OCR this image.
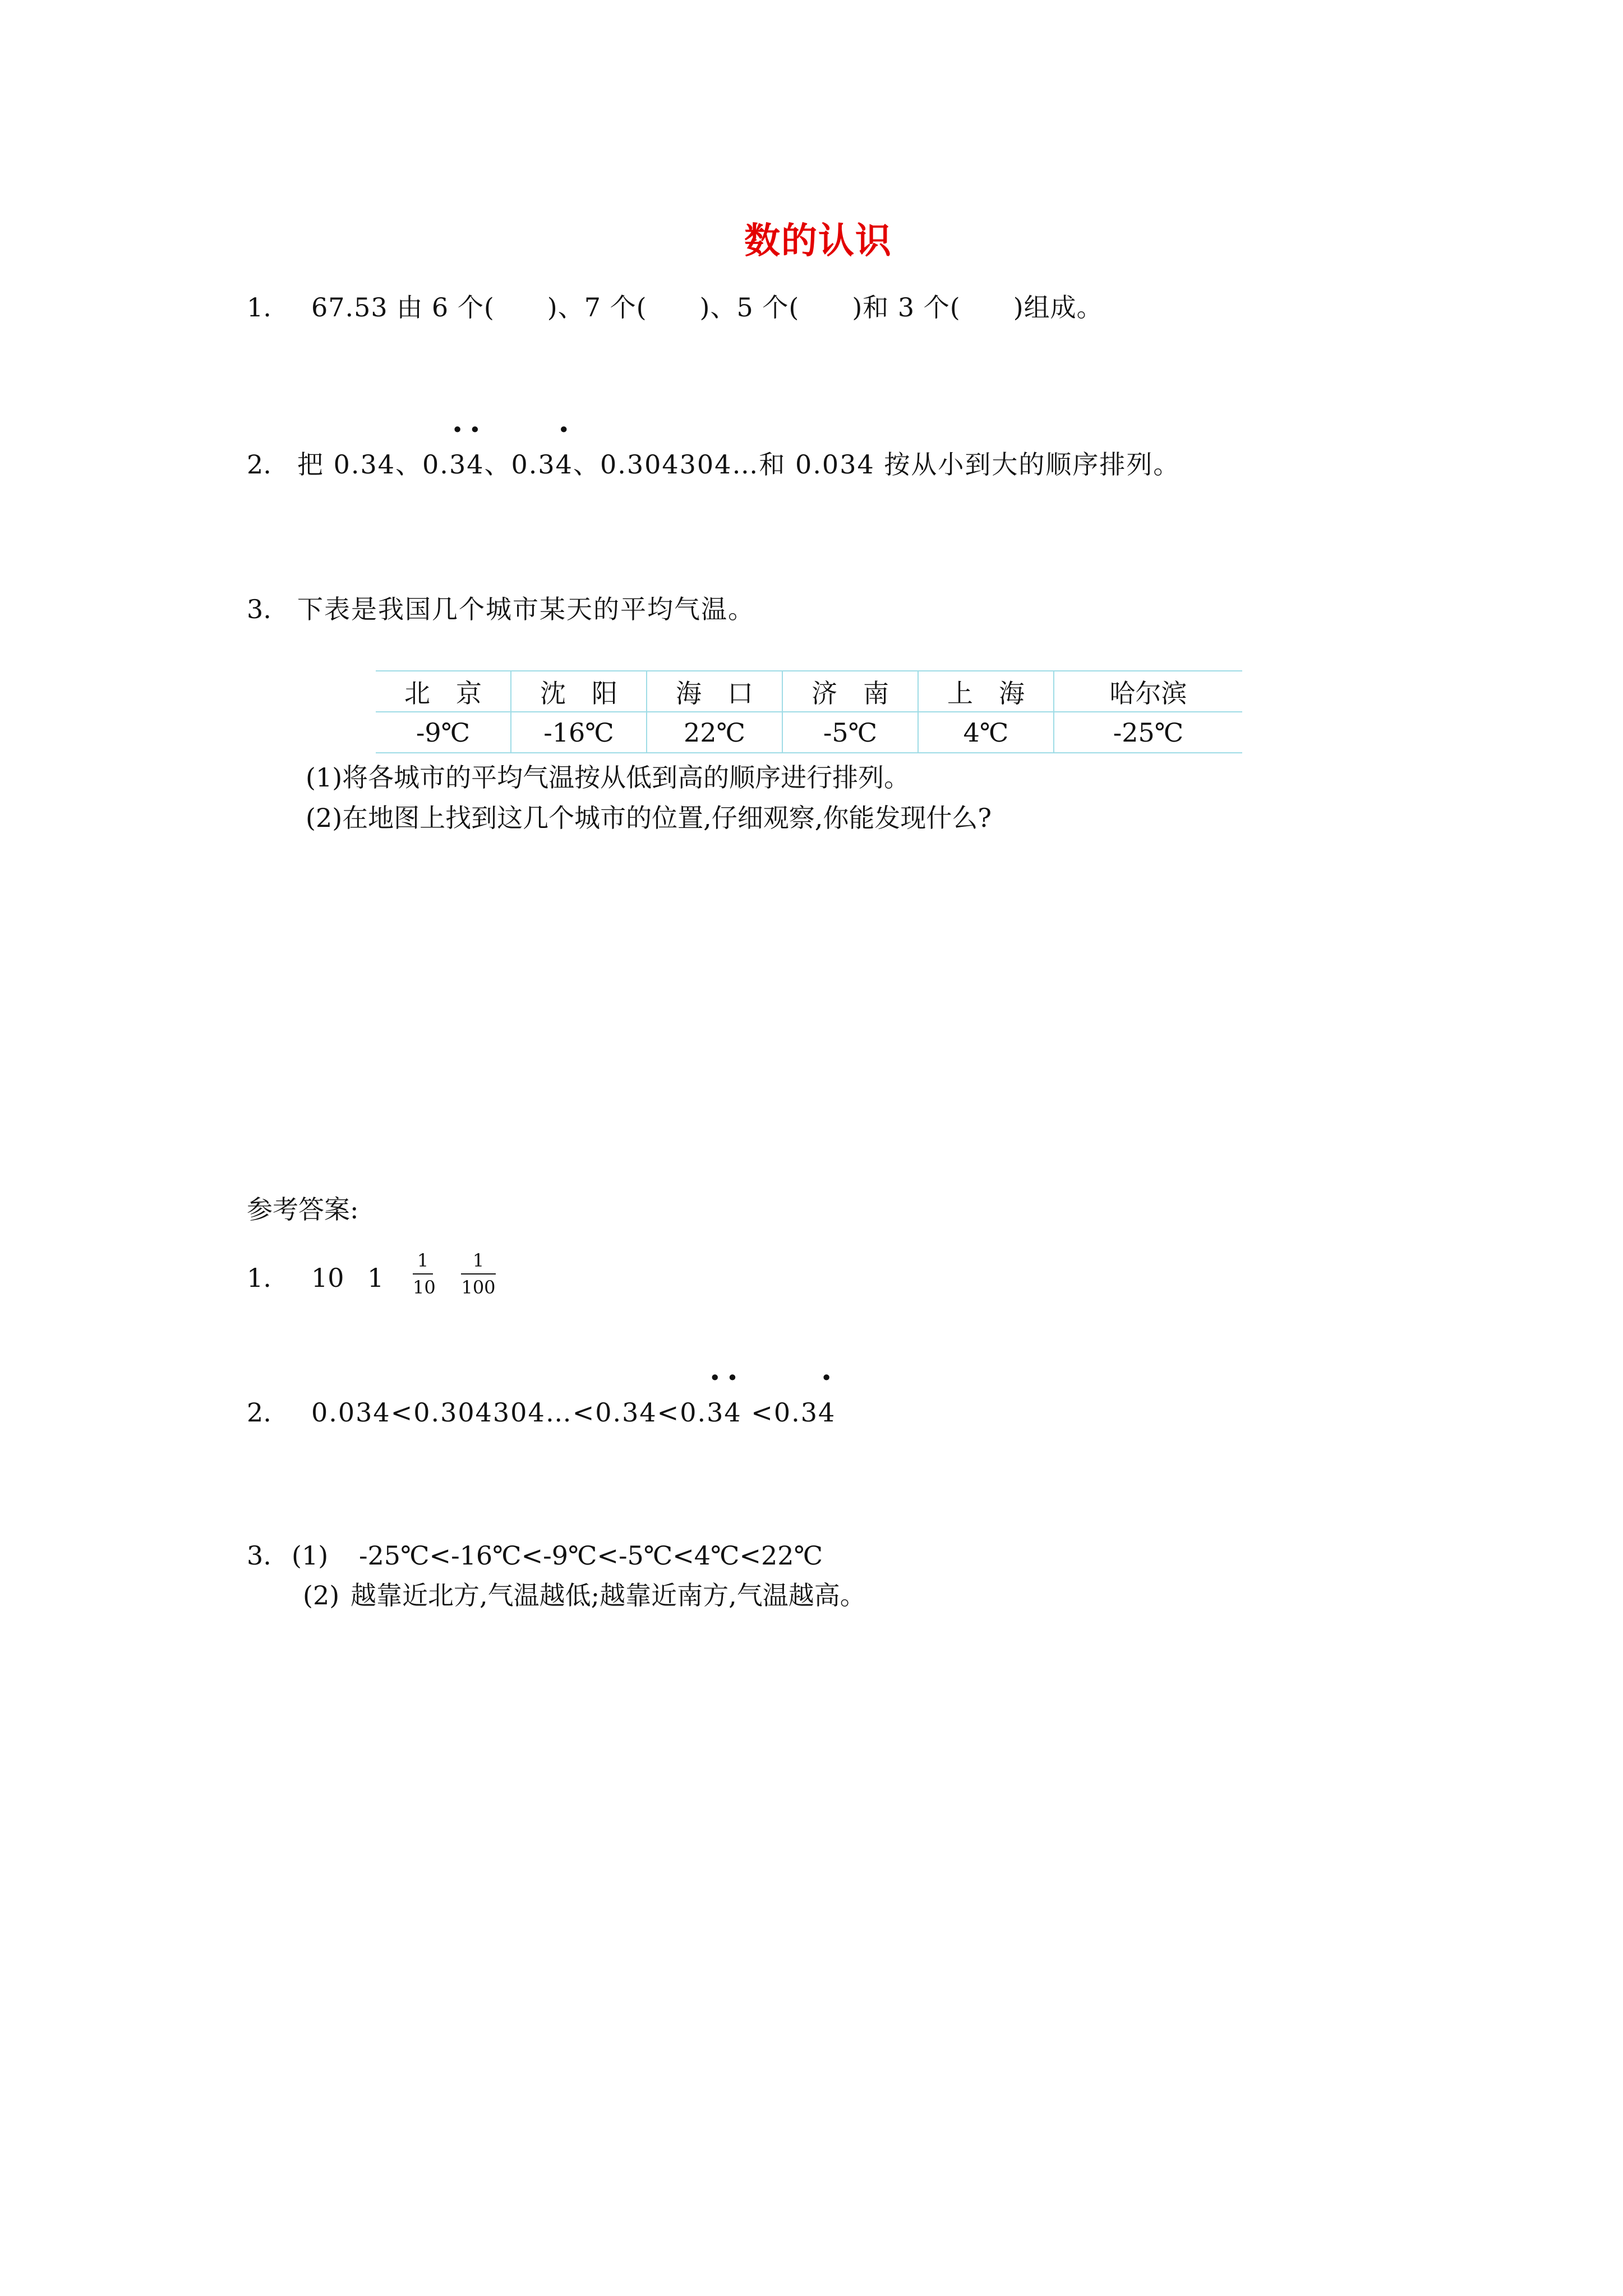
数的认识
1. 67.53 由 6 个(　　)、7 个(　　)、5 个(　　)和 3 个(　　)组成。
2. 把 0.34、0.3 ·4 ·、0.34 ·、0.304304…和 0.034 按从小到大的顺序排列。
3. 下表是我国几个城市某天的平均气温。
北　京	沈　阳	海　口	济　南	上　海	哈尔滨
-9℃	-16℃	22℃	-5℃	4℃	-25℃
(1)将各城市的平均气温按从低到高的顺序进行排列。
(2)在地图上找到这几个城市的位置,仔细观察,你能发现什么?
参考答案:
1. 10 1
1
10
1
100
2. 0.034<0.304304…<0.34<0.3 ·4 · <0.34 ·
3. (1) -25℃<-16℃<-9℃<-5℃<4℃<22℃
(2) 越靠近北方,气温越低;越靠近南方,气温越高。
